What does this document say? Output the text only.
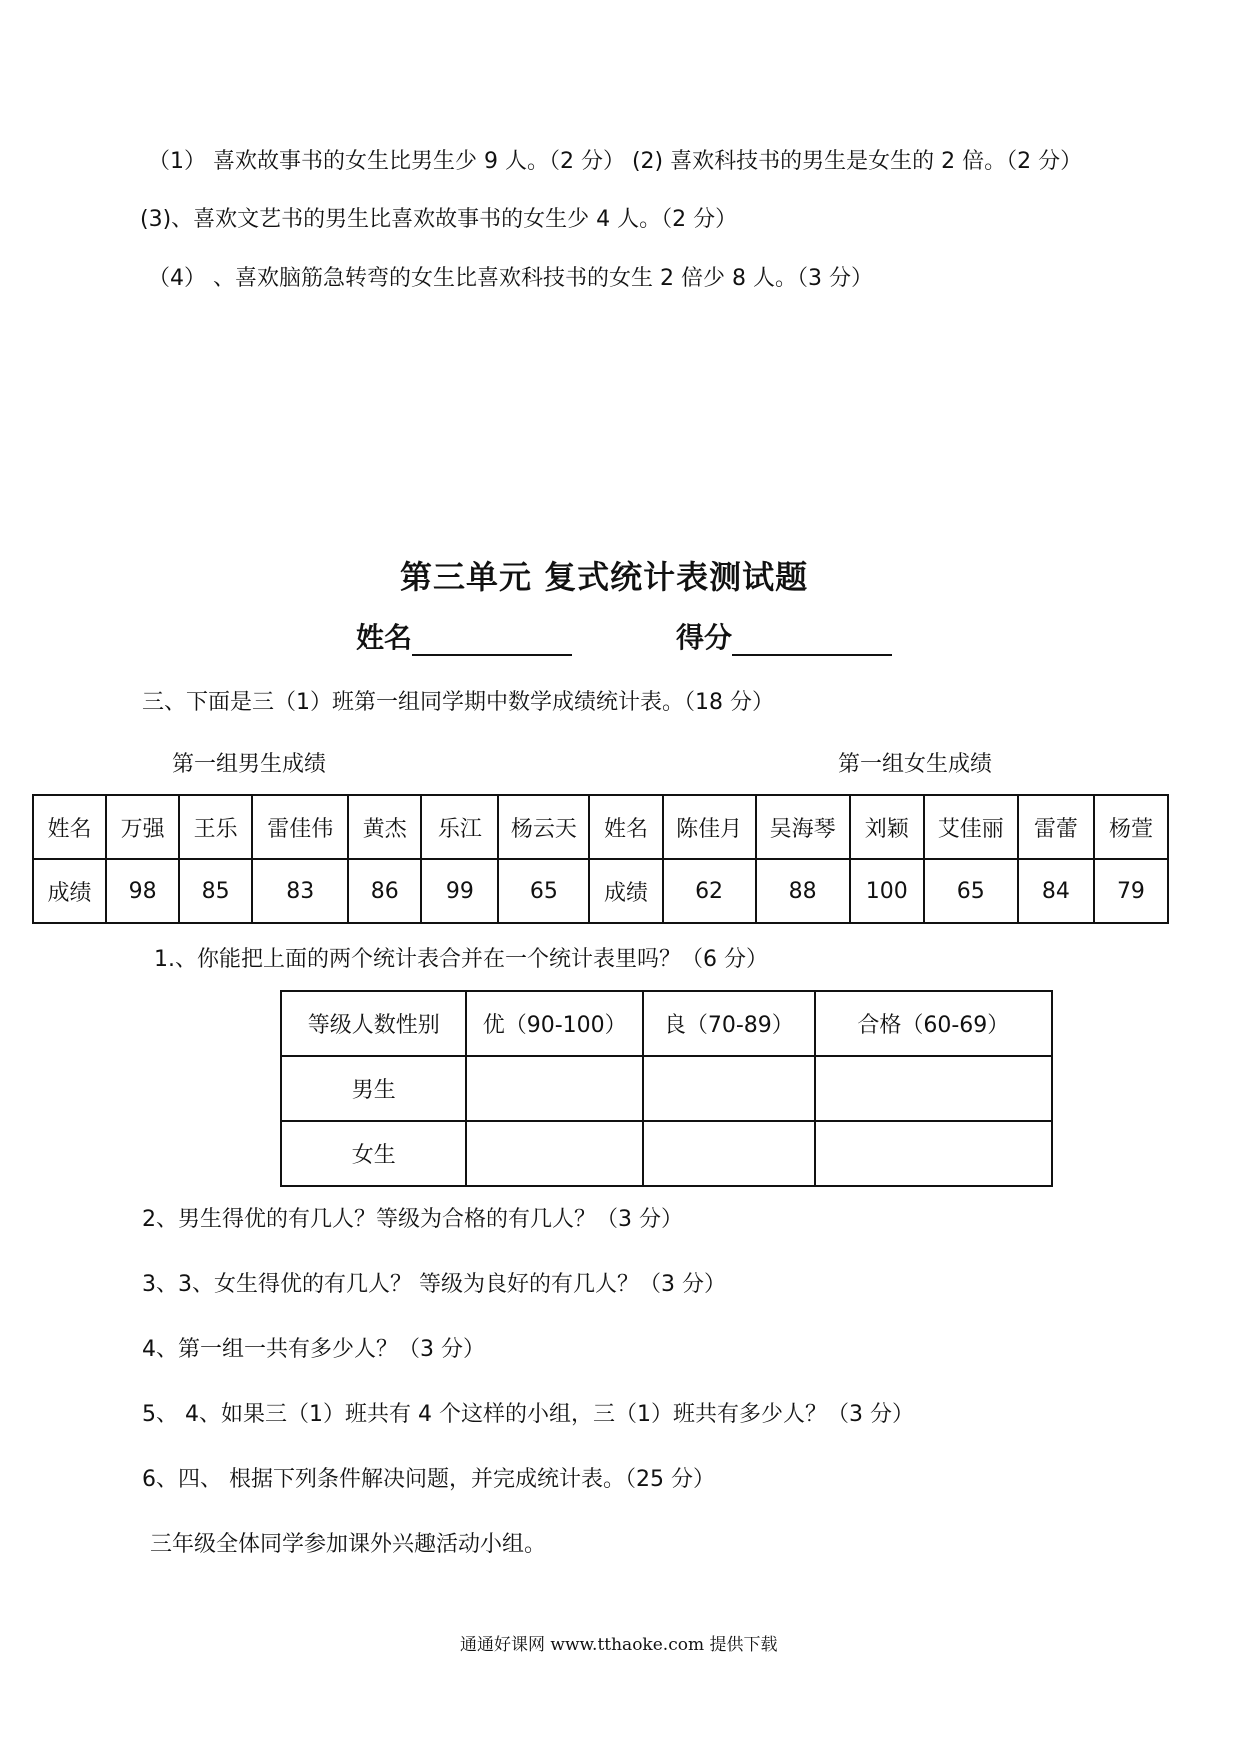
（1） 喜欢故事书的女生比男生少 9 人。（2 分） (2) 喜欢科技书的男生是女生的 2 倍。（2 分）
(3)、喜欢文艺书的男生比喜欢故事书的女生少 4 人。（2 分）
（4） 、喜欢脑筋急转弯的女生比喜欢科技书的女生 2 倍少 8 人。（3 分）
第三单元 复式统计表测试题
姓名	得分
三、下面是三（1）班第一组同学期中数学成绩统计表。（18 分）
第一组男生成绩	第一组女生成绩
姓名	万强	王乐	雷佳伟	黄杰	乐江	杨云天	姓名	陈佳月	吴海琴	刘颖	艾佳丽	雷蕾	杨萱
成绩	98	85	83	86	99	65	成绩	62	88	100	65	84	79
1.、你能把上面的两个统计表合并在一个统计表里吗？（6 分）
等级人数性别	优（90-100）	良（70-89）	合格（60-69）
男生			
女生			
2、男生得优的有几人？等级为合格的有几人？（3 分）
3、3、女生得优的有几人？ 等级为良好的有几人？（3 分）
4、第一组一共有多少人？（3 分）
5、 4、如果三（1）班共有 4 个这样的小组，三（1）班共有多少人？（3 分）
6、四、 根据下列条件解决问题，并完成统计表。（25 分）
三年级全体同学参加课外兴趣活动小组。
通通好课网 www.tthaoke.com 提供下载
